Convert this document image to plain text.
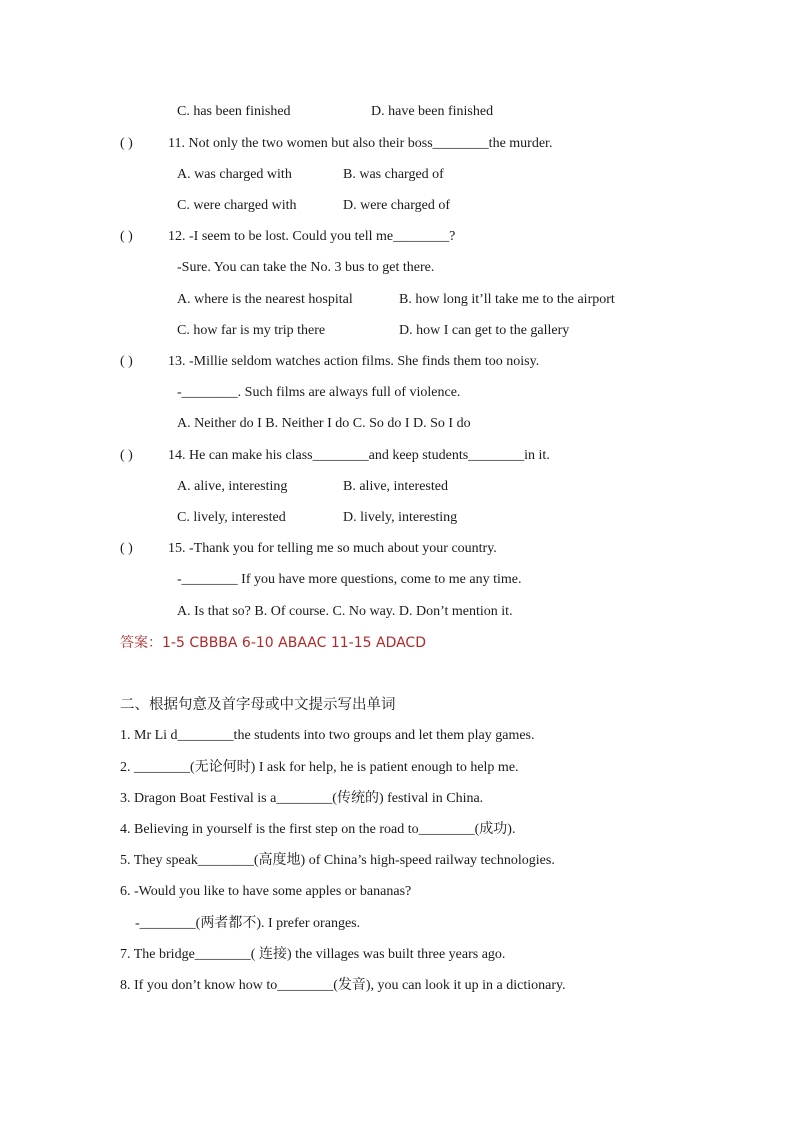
C. has been finished	D. have been finished
( )	11. Not only the two women but also their boss________the murder.
A. was charged with	B. was charged of
C. were charged with	D. were charged of
( )	12. -I seem to be lost. Could you tell me________?
-Sure. You can take the No. 3 bus to get there.
A. where is the nearest hospital	B. how long it’ll take me to the airport
C. how far is my trip there	D. how I can get to the gallery
( )	13. -Millie seldom watches action films. She finds them too noisy.
-________. Such films are always full of violence.
A. Neither do I B. Neither I do C. So do I D. So I do
( )	14. He can make his class________and keep students________in it.
A. alive, interesting	B. alive, interested
C. lively, interested	D. lively, interesting
( )	15. -Thank you for telling me so much about your country.
-________ If you have more questions, come to me any time.
A. Is that so? B. Of course. C. No way. D. Don’t mention it.
答案：1-5 CBBBA 6-10 ABAAC 11-15 ADACD
二、根据句意及首字母或中文提示写出单词
1. Mr Li d________the students into two groups and let them play games.
2. ________(无论何时) I ask for help, he is patient enough to help me.
3. Dragon Boat Festival is a________(传统的) festival in China.
4. Believing in yourself is the first step on the road to________(成功).
5. They speak________(高度地) of China’s high-speed railway technologies.
6. -Would you like to have some apples or bananas?
-________(两者都不). I prefer oranges.
7. The bridge________( 连接) the villages was built three years ago.
8. If you don’t know how to________(发音), you can look it up in a dictionary.
